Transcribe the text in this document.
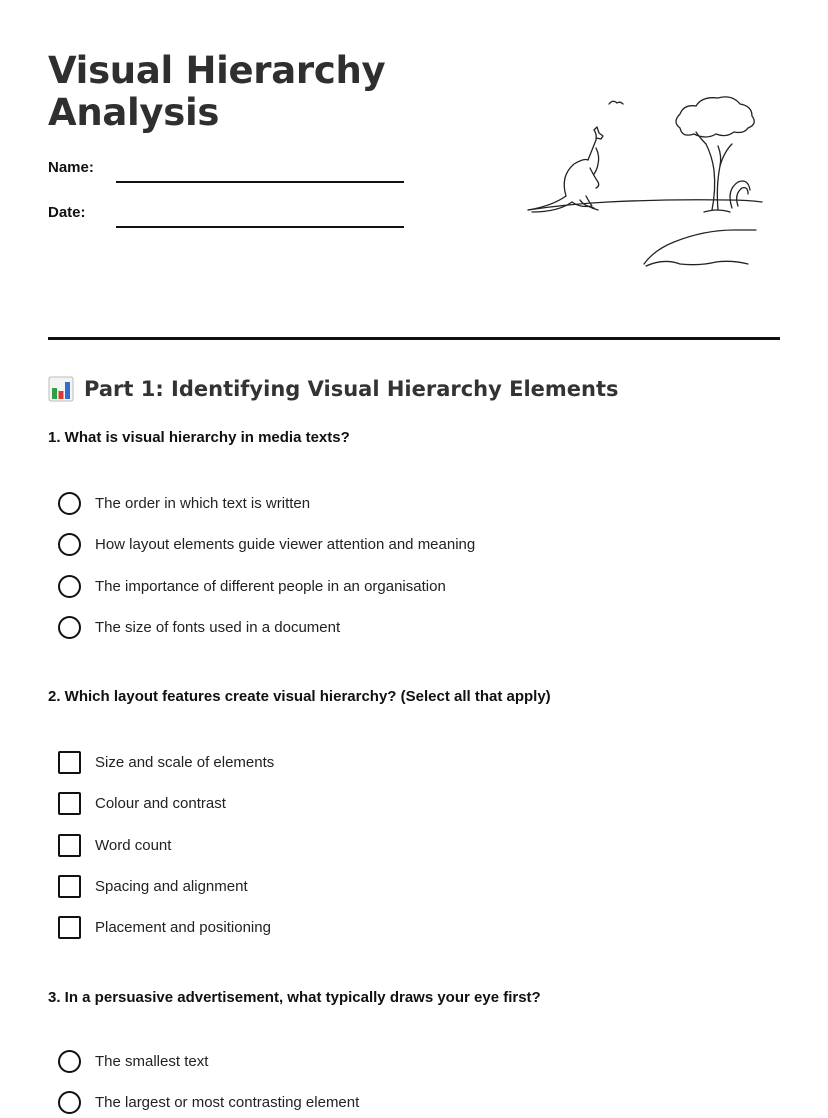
Visual Hierarchy
Analysis
Name:
Date:
Part 1: Identifying Visual Hierarchy Elements
1. What is visual hierarchy in media texts?
The order in which text is written
How layout elements guide viewer attention and meaning
The importance of different people in an organisation
The size of fonts used in a document
2. Which layout features create visual hierarchy? (Select all that apply)
Size and scale of elements
Colour and contrast
Word count
Spacing and alignment
Placement and positioning
3. In a persuasive advertisement, what typically draws your eye first?
The smallest text
The largest or most contrasting element
